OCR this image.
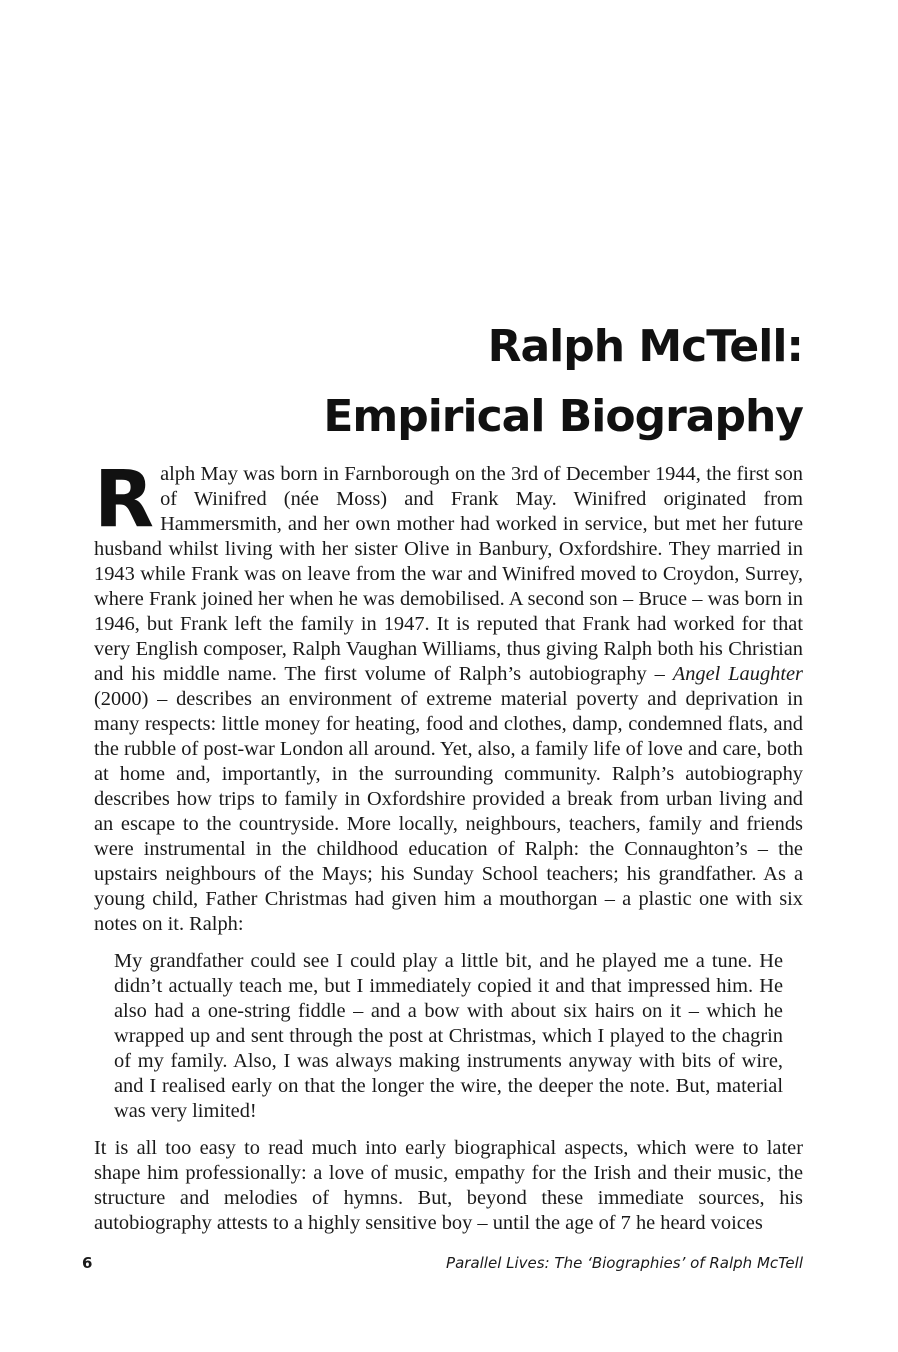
Ralph McTell:
Empirical Biography

Ralph May was born in Farnborough on the 3rd of December 1944, the first son of Winifred (née Moss) and Frank May. Winifred originated from Hammersmith, and her own mother had worked in service, but met her future husband whilst living with her sister Olive in Banbury, Oxfordshire. They married in 1943 while Frank was on leave from the war and Winifred moved to Croydon, Surrey, where Frank joined her when he was demobilised. A second son – Bruce – was born in 1946, but Frank left the family in 1947. It is reputed that Frank had worked for that very English composer, Ralph Vaughan Williams, thus giving Ralph both his Christian and his middle name. The first volume of Ralph’s autobiography – Angel Laughter (2000) – describes an environment of extreme material poverty and deprivation in many respects: little money for heating, food and clothes, damp, condemned flats, and the rubble of post-war London all around. Yet, also, a family life of love and care, both at home and, importantly, in the surrounding community. Ralph’s autobiography describes how trips to family in Oxfordshire provided a break from urban living and an escape to the countryside. More locally, neighbours, teachers, family and friends were instrumental in the childhood education of Ralph: the Connaughton’s – the upstairs neighbours of the Mays; his Sunday School teachers; his grandfather. As a young child, Father Christmas had given him a mouthorgan – a plastic one with six notes on it. Ralph:

My grandfather could see I could play a little bit, and he played me a tune. He didn’t actually teach me, but I immediately copied it and that impressed him. He also had a one-string fiddle – and a bow with about six hairs on it – which he wrapped up and sent through the post at Christmas, which I played to the chagrin of my family. Also, I was always making instruments anyway with bits of wire, and I realised early on that the longer the wire, the deeper the note. But, material was very limited!

It is all too easy to read much into early biographical aspects, which were to later shape him professionally: a love of music, empathy for the Irish and their music, the structure and melodies of hymns. But, beyond these immediate sources, his autobiography attests to a highly sensitive boy – until the age of 7 he heard voices

6	Parallel Lives: The ‘Biographies’ of Ralph McTell
